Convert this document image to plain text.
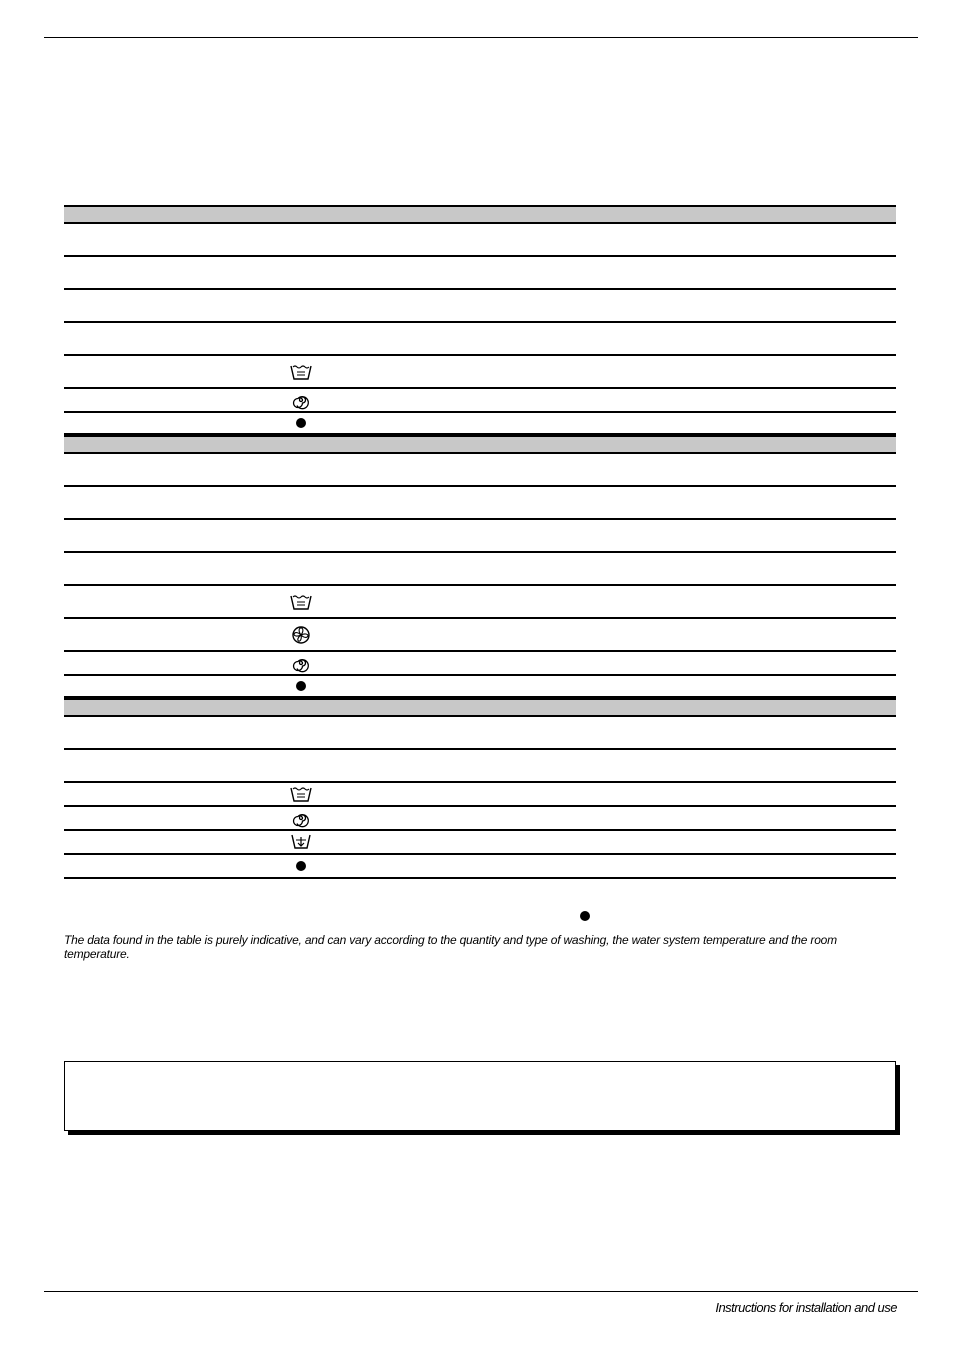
The data found in the table is purely indicative, and can vary according to the quantity and type of washing, the water system temperature and the room temperature.
Instructions for installation and use
